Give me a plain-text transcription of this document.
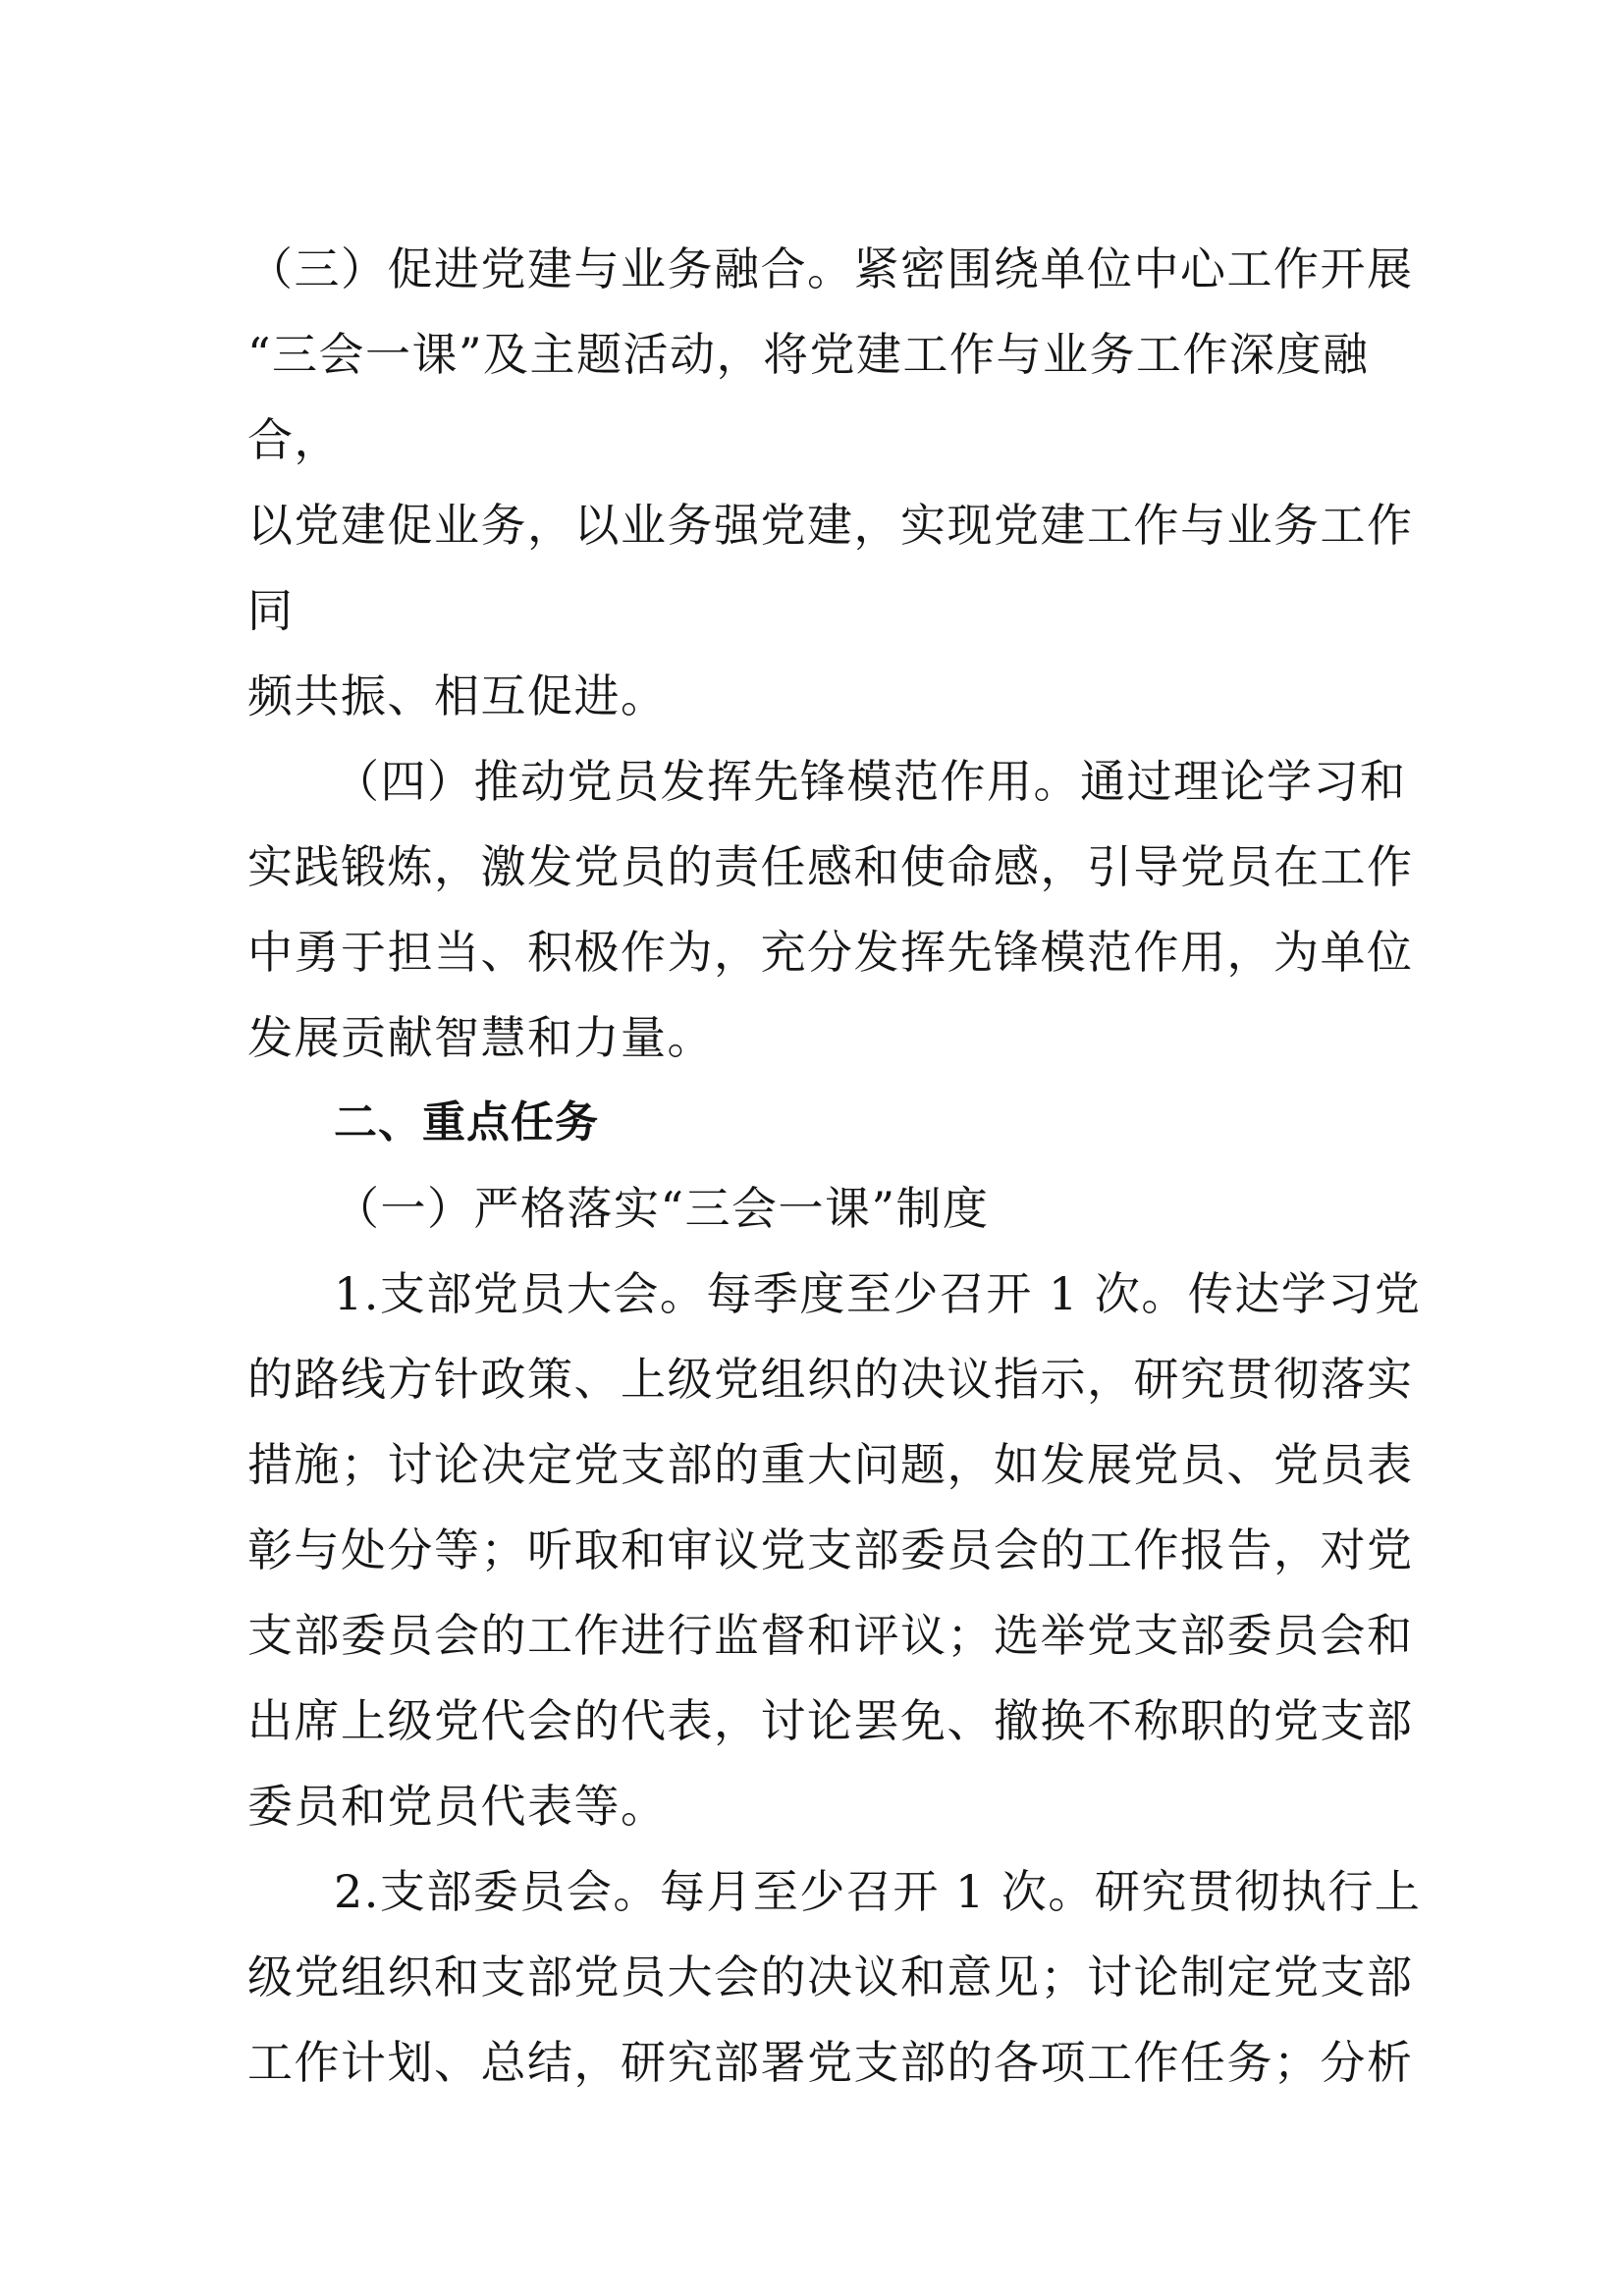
（三）促进党建与业务融合。紧密围绕单位中心工作开展
“三会一课”及主题活动，将党建工作与业务工作深度融
合，
以党建促业务，以业务强党建，实现党建工作与业务工作
同
频共振、相互促进。
（四）推动党员发挥先锋模范作用。通过理论学习和
实践锻炼，激发党员的责任感和使命感，引导党员在工作
中勇于担当、积极作为，充分发挥先锋模范作用，为单位
发展贡献智慧和力量。
二、重点任务
（一）严格落实“三会一课”制度
1.支部党员大会。每季度至少召开 1 次。传达学习党
的路线方针政策、上级党组织的决议指示，研究贯彻落实
措施；讨论决定党支部的重大问题，如发展党员、党员表
彰与处分等；听取和审议党支部委员会的工作报告，对党
支部委员会的工作进行监督和评议；选举党支部委员会和
出席上级党代会的代表，讨论罢免、撤换不称职的党支部
委员和党员代表等。
2.支部委员会。每月至少召开 1 次。研究贯彻执行上
级党组织和支部党员大会的决议和意见；讨论制定党支部
工作计划、总结，研究部署党支部的各项工作任务；分析
